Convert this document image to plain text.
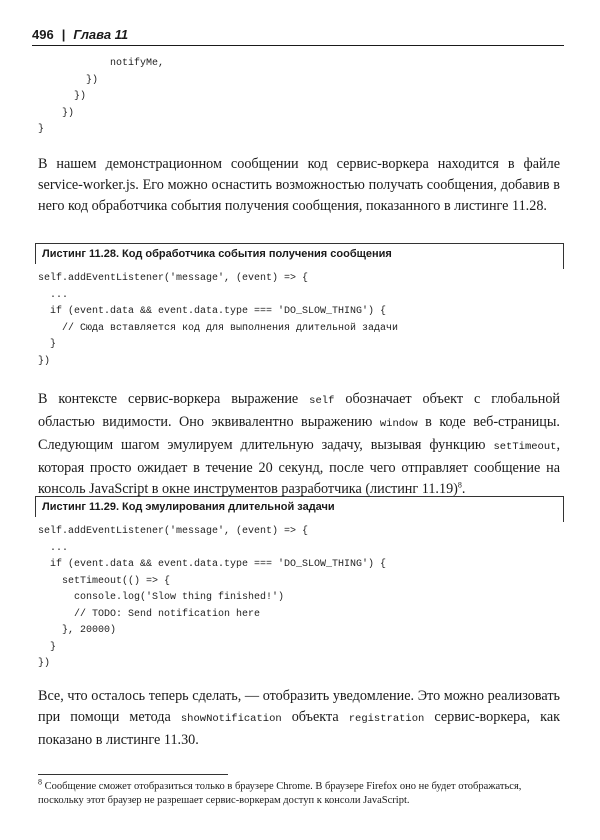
496 | Глава 11
notifyMe,
})
})
})
}

В нашем демонстрационном сообщении код сервис-воркера находится в файле service-worker.js. Его можно оснастить возможностью получать сообщения, добавив в него код обработчика события получения сообщения, показанного в листинге 11.28.

Листинг 11.28. Код обработчика события получения сообщения
self.addEventListener('message', (event) => {
...
if (event.data && event.data.type === 'DO_SLOW_THING') {
// Сюда вставляется код для выполнения длительной задачи
}
})

В контексте сервис-воркера выражение self обозначает объект с глобальной областью видимости. Оно эквивалентно выражению window в коде веб-страницы. Следующим шагом эмулируем длительную задачу, вызывая функцию setTimeout, которая просто ожидает в течение 20 секунд, после чего отправляет сообщение на консоль JavaScript в окне инструментов разработчика (листинг 11.19)$^8$.

Листинг 11.29. Код эмулирования длительной задачи
self.addEventListener('message', (event) => {
...
if (event.data && event.data.type === 'DO_SLOW_THING') {
setTimeout(() => {
console.log('Slow thing finished!')
// TODO: Send notification here
}, 20000)
}
})

Все, что осталось теперь сделать, — отобразить уведомление. Это можно реализовать при помощи метода showNotification объекта registration сервис-воркера, как показано в листинге 11.30.

$^8$ Сообщение сможет отобразиться только в браузере Chrome. В браузере Firefox оно не будет отображаться, поскольку этот браузер не разрешает сервис-воркерам доступ к консоли JavaScript.
